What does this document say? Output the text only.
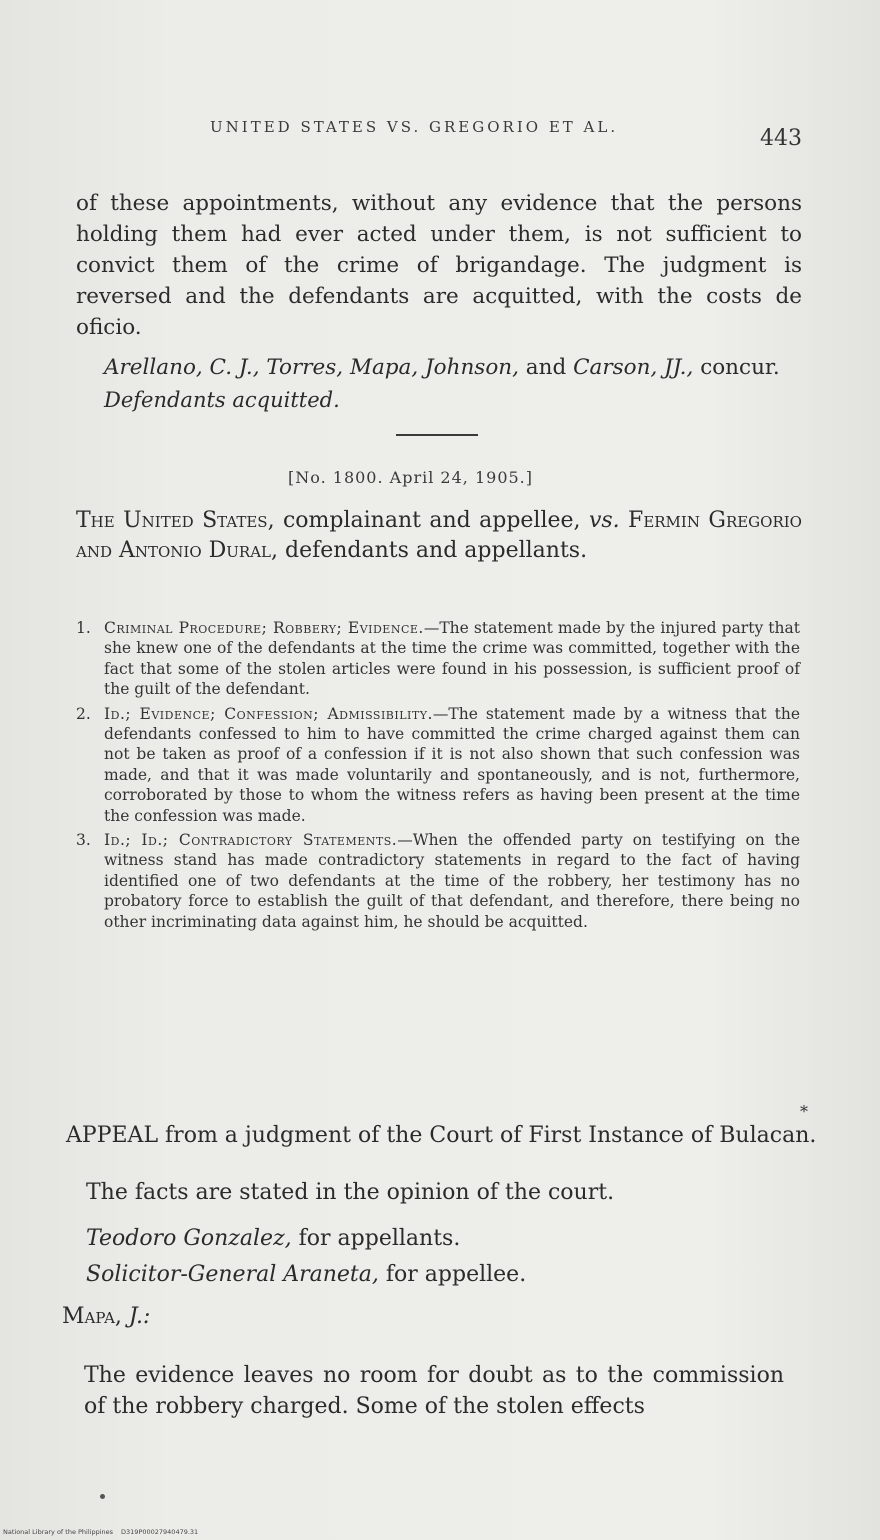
UNITED STATES VS. GREGORIO ET AL.	443

of these appointments, without any evidence that the persons holding them had ever acted under them, is not sufficient to convict them of the crime of brigandage. The judgment is reversed and the defendants are acquitted, with the costs de oficio.

Arellano, C. J., Torres, Mapa, Johnson, and Carson, JJ., concur.

Defendants acquitted.
[No. 1800. April 24, 1905.]
The United States, complainant and appellee, vs. Fermin Gregorio and Antonio Dural, defendants and appellants.

1. Criminal Procedure; Robbery; Evidence.—The statement made by the injured party that she knew one of the defendants at the time the crime was committed, together with the fact that some of the stolen articles were found in his possession, is sufficient proof of the guilt of the defendant.

2. Id.; Evidence; Confession; Admissibility.—The statement made by a witness that the defendants confessed to him to have committed the crime charged against them can not be taken as proof of a confession if it is not also shown that such confession was made, and that it was made voluntarily and spontaneously, and is not, furthermore, corroborated by those to whom the witness refers as having been present at the time the confession was made.

3. Id.; Id.; Contradictory Statements.—When the offended party on testifying on the witness stand has made contradictory statements in regard to the fact of having identified one of two defendants at the time of the robbery, her testimony has no probatory force to establish the guilt of that defendant, and therefore, there being no other incriminating data against him, he should be acquitted.

APPEAL from a judgment of the Court of First Instance of Bulacan.

*
The facts are stated in the opinion of the court.
Teodoro Gonzalez, for appellants.
Solicitor-General Araneta, for appellee.
Mapa, J.:

The evidence leaves no room for doubt as to the commission of the robbery charged. Some of the stolen effects

National Library of the Philippines D319P00027940479.31
